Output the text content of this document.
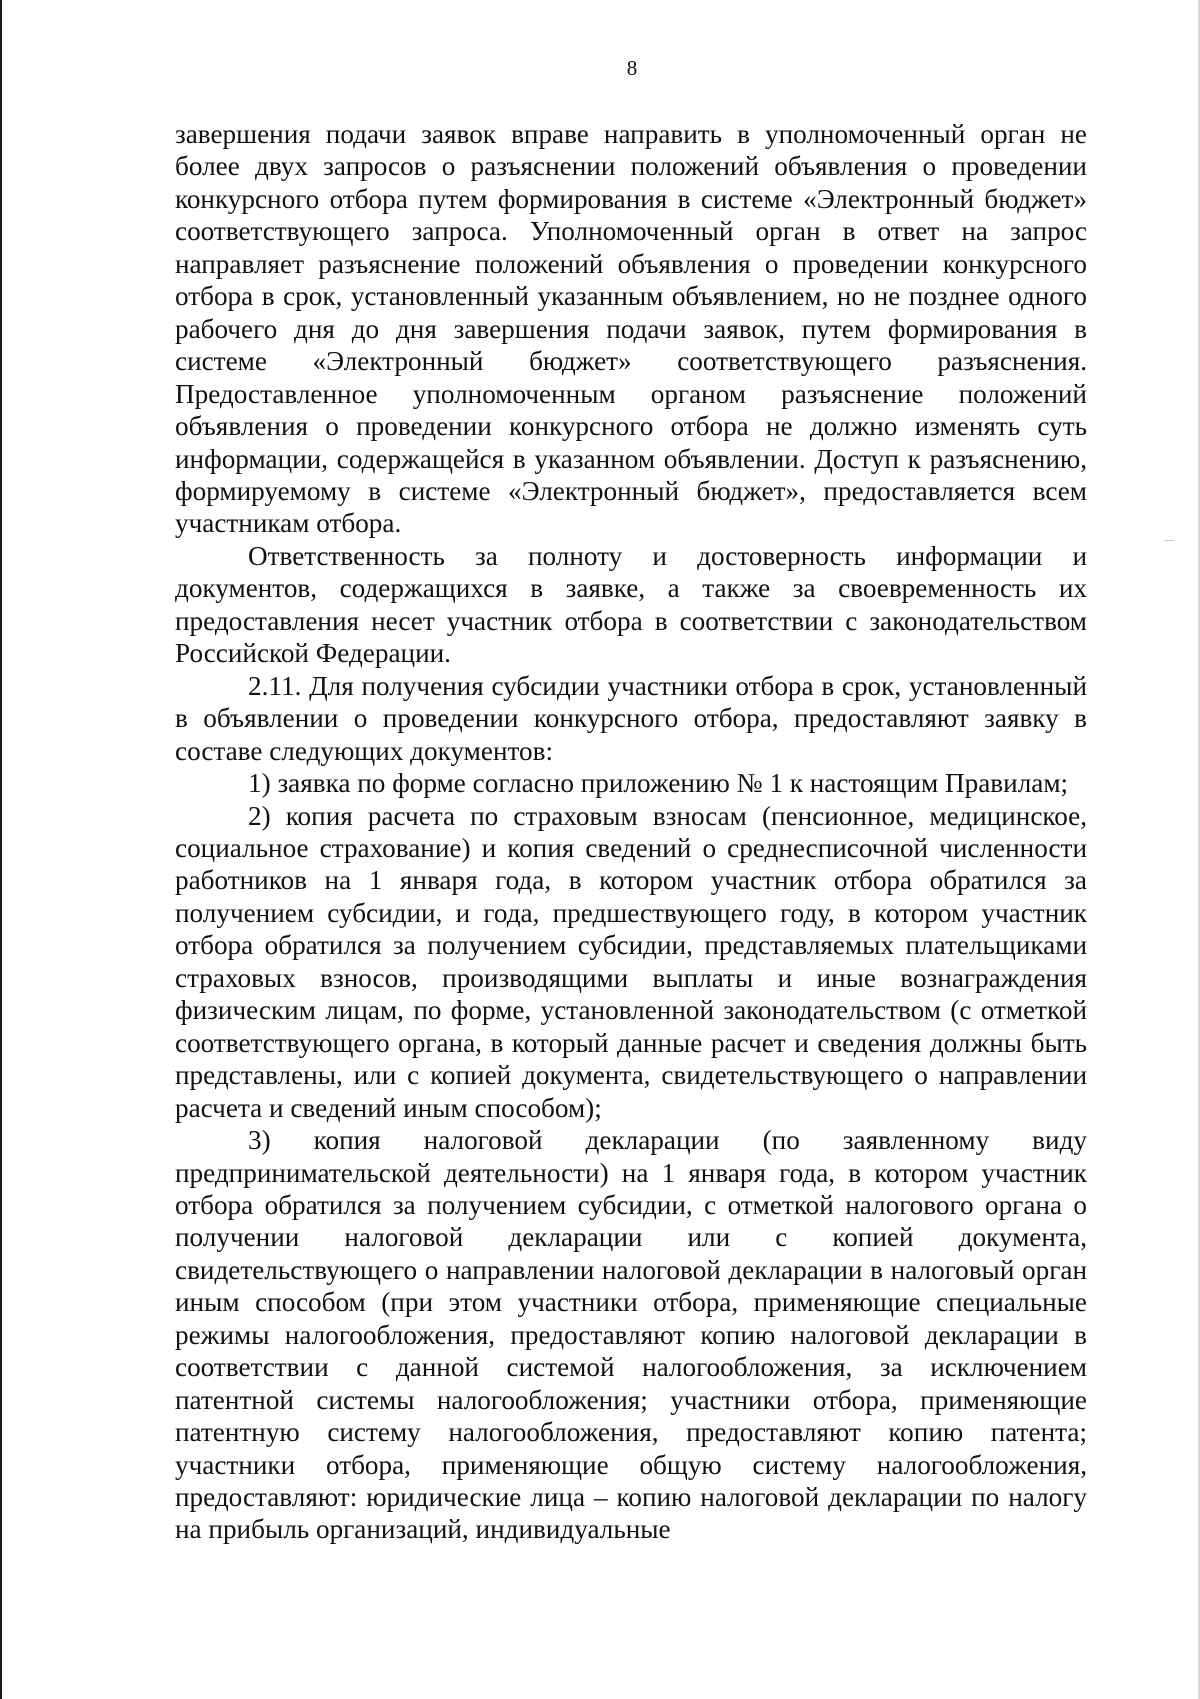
8

завершения подачи заявок вправе направить в уполномоченный орган не более двух запросов о разъяснении положений объявления о проведении конкурсного отбора путем формирования в системе «Электронный бюджет» соответствующего запроса. Уполномоченный орган в ответ на запрос направляет разъяснение положений объявления о проведении конкурсного отбора в срок, установленный указанным объявлением, но не позднее одного рабочего дня до дня завершения подачи заявок, путем формирования в системе «Электронный бюджет» соответствующего разъяснения. Предоставленное уполномоченным органом разъяснение положений объявления о проведении конкурсного отбора не должно изменять суть информации, содержащейся в указанном объявлении. Доступ к разъяснению, формируемому в системе «Электронный бюджет», предоставляется всем участникам отбора.

Ответственность за полноту и достоверность информации и документов, содержащихся в заявке, а также за своевременность их предоставления несет участник отбора в соответствии с законодательством Российской Федерации.

2.11. Для получения субсидии участники отбора в срок, установленный в объявлении о проведении конкурсного отбора, предоставляют заявку в составе следующих документов:

1) заявка по форме согласно приложению № 1 к настоящим Правилам;

2) копия расчета по страховым взносам (пенсионное, медицинское, социальное страхование) и копия сведений о среднесписочной численности работников на 1 января года, в котором участник отбора обратился за получением субсидии, и года, предшествующего году, в котором участник отбора обратился за получением субсидии, представляемых плательщиками страховых взносов, производящими выплаты и иные вознаграждения физическим лицам, по форме, установленной законодательством (с отметкой соответствующего органа, в который данные расчет и сведения должны быть представлены, или с копией документа, свидетельствующего о направлении расчета и сведений иным способом);

3) копия налоговой декларации (по заявленному виду предпринимательской деятельности) на 1 января года, в котором участник отбора обратился за получением субсидии, с отметкой налогового органа о получении налоговой декларации или с копией документа, свидетельствующего о направлении налоговой декларации в налоговый орган иным способом (при этом участники отбора, применяющие специальные режимы налогообложения, предоставляют копию налоговой декларации в соответствии с данной системой налогообложения, за исключением патентной системы налогообложения; участники отбора, применяющие патентную систему налогообложения, предоставляют копию патента; участники отбора, применяющие общую систему налогообложения, предоставляют: юридические лица – копию налоговой декларации по налогу на прибыль организаций, индивидуальные
